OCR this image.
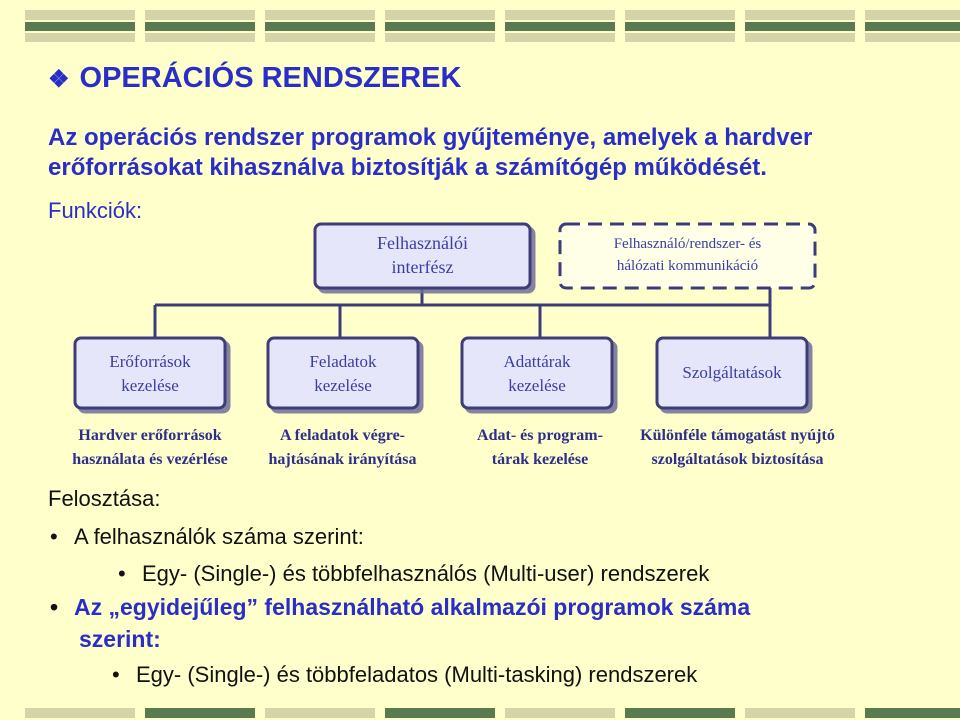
❖ OPERÁCIÓS RENDSZEREK
Az operációs rendszer programok gyűjteménye, amelyek a hardver
erőforrásokat kihasználva biztosítják a számítógép működését.
Funkciók:
Felhasználói
interfész
Felhasználó/rendszer- és
hálózati kommunikáció
Erőforrások
kezelése
Feladatok
kezelése
Adattárak
kezelése
Szolgáltatások
Hardver erőforrások
használata és vezérlése
A feladatok végre-
hajtásának irányítása
Adat- és program-
tárak kezelése
Különféle támogatást nyújtó
szolgáltatások biztosítása
Felosztása:
• A felhasználók száma szerint:
• Egy- (Single-) és többfelhasználós (Multi-user) rendszerek
• Az „egyidejűleg” felhasználható alkalmazói programok száma
szerint:
• Egy- (Single-) és többfeladatos (Multi-tasking) rendszerek
